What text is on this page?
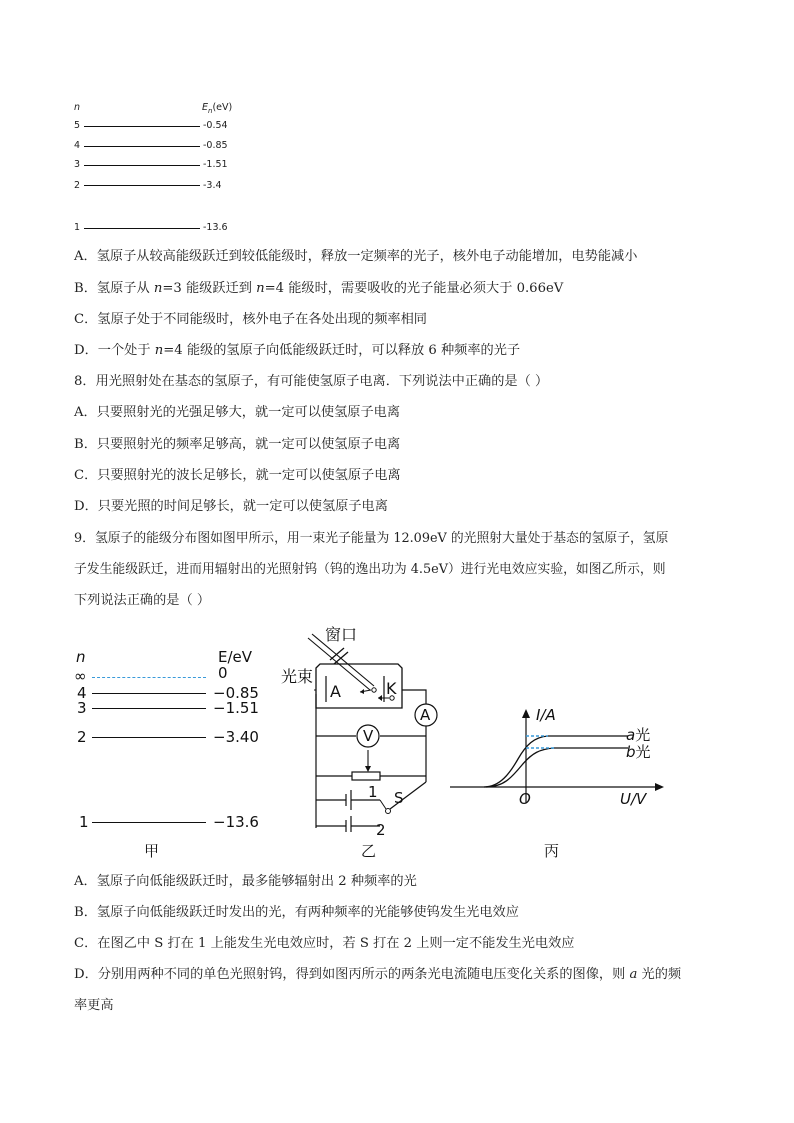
n	$E_n(eV)$
5	-0.54
4	-0.85
3	-1.51
2	-3.4
1	-13.6
A．氢原子从较高能级跃迁到较低能级时，释放一定频率的光子，核外电子动能增加，电势能减小
B．氢原子从 n=3 能级跃迁到 n=4 能级时，需要吸收的光子能量必须大于 0.66eV
C．氢原子处于不同能级时，核外电子在各处出现的频率相同
D．一个处于 n=4 能级的氢原子向低能级跃迁时，可以释放 6 种频率的光子
8．用光照射处在基态的氢原子，有可能使氢原子电离．下列说法中正确的是（ ）
A．只要照射光的光强足够大，就一定可以使氢原子电离
B．只要照射光的频率足够高，就一定可以使氢原子电离
C．只要照射光的波长足够长，就一定可以使氢原子电离
D．只要光照的时间足够长，就一定可以使氢原子电离
9．氢原子的能级分布图如图甲所示，用一束光子能量为 12.09eV 的光照射大量处于基态的氢原子，氢原
子发生能级跃迁，进而用辐射出的光照射钨（钨的逸出功为 4.5eV）进行光电效应实验，如图乙所示，则
下列说法正确的是（ ）
n	E/eV
∞	0
4	−0.85
3	−1.51
2	−3.40
1	−13.6
甲
窗口
光束
A	K
A
V
S
1
2
乙
I/A
U/V
O
a光
b光
丙
A．氢原子向低能级跃迁时，最多能够辐射出 2 种频率的光
B．氢原子向低能级跃迁时发出的光，有两种频率的光能够使钨发生光电效应
C．在图乙中 S 打在 1 上能发生光电效应时，若 S 打在 2 上则一定不能发生光电效应
D．分别用两种不同的单色光照射钨，得到如图丙所示的两条光电流随电压变化关系的图像，则 a 光的频
率更高
